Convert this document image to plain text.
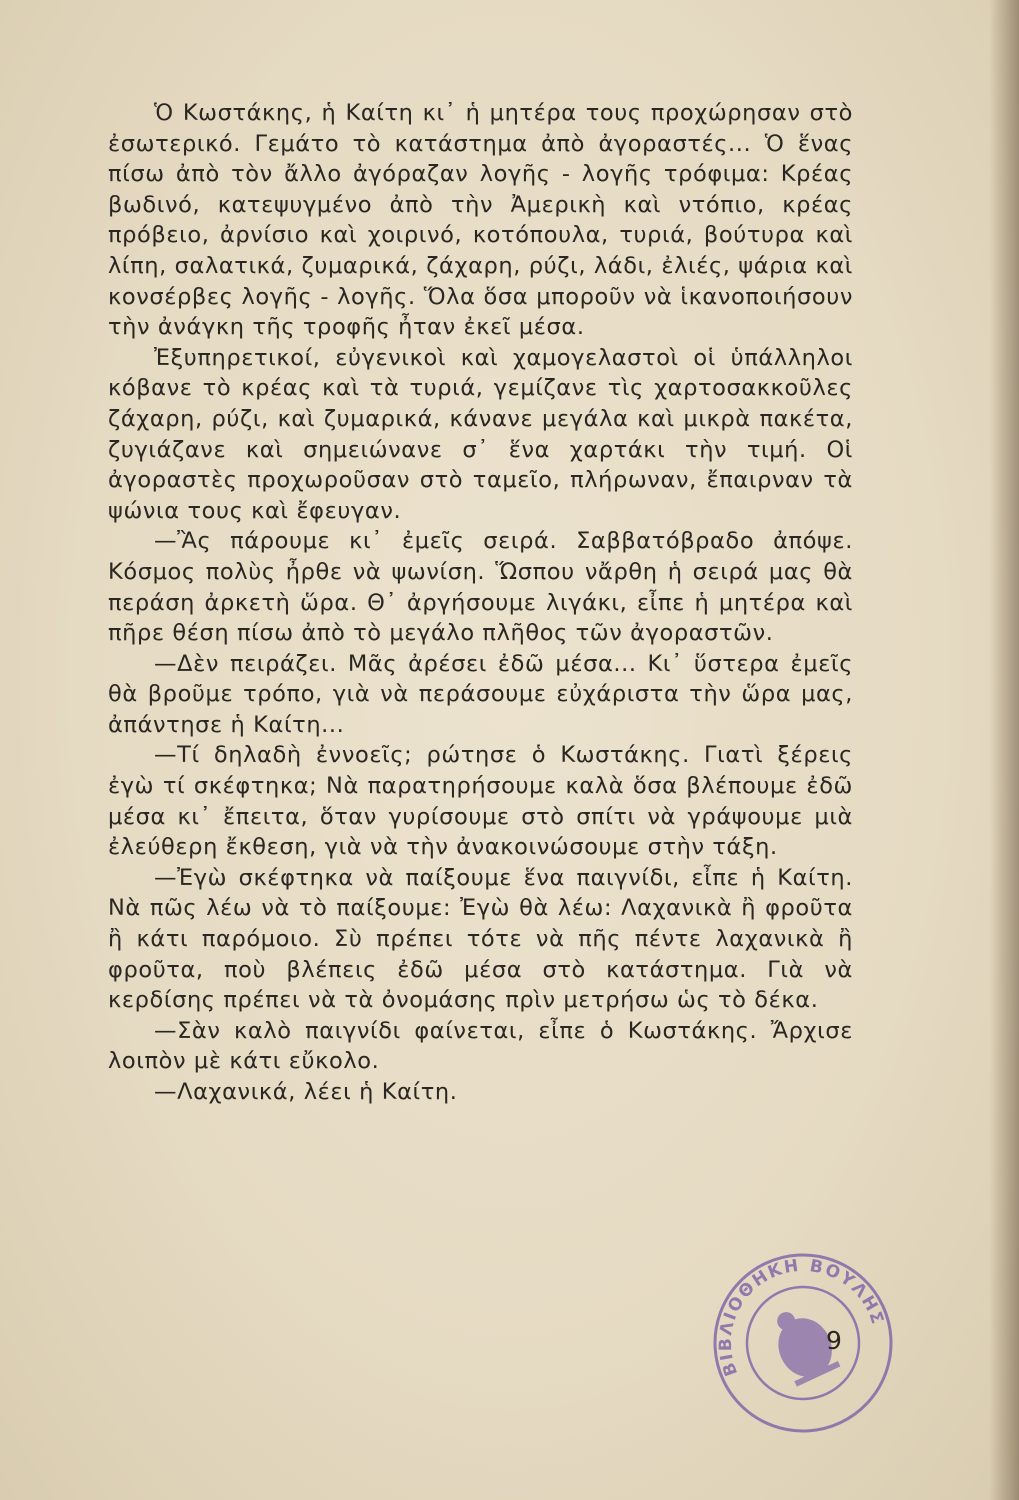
Ὁ Κωστάκης, ἡ Καίτη κι᾽ ἡ μητέρα τους προχώρησαν στὸ ἐσωτερικό. Γεμάτο τὸ κατάστημα ἀπὸ ἀγοραστές... Ὁ ἕνας πίσω ἀπὸ τὸν ἄλλο ἀγόραζαν λογῆς - λογῆς τρόφιμα: Κρέας βωδινό, κατεψυγμένο ἀπὸ τὴν Ἀμερικὴ καὶ ντόπιο, κρέας πρόβειο, ἀρνίσιο καὶ χοιρινό, κοτόπουλα, τυριά, βούτυρα καὶ λίπη, σαλατικά, ζυμαρικά, ζάχαρη, ρύζι, λάδι, ἐλιές, ψάρια καὶ κονσέρβες λογῆς - λογῆς. Ὅλα ὅσα μποροῦν νὰ ἱκανοποιήσουν τὴν ἀνάγκη τῆς τροφῆς ἦταν ἐκεῖ μέσα.

Ἐξυπηρετικοί, εὐγενικοὶ καὶ χαμογελαστοὶ οἱ ὑπάλληλοι κόβανε τὸ κρέας καὶ τὰ τυριά, γεμίζανε τὶς χαρτοσακκοῦλες ζάχαρη, ρύζι, καὶ ζυμαρικά, κάνανε μεγάλα καὶ μικρὰ πακέτα, ζυγιάζανε καὶ σημειώνανε σ᾽ ἕνα χαρτάκι τὴν τιμή. Οἱ ἀγοραστὲς προχωροῦσαν στὸ ταμεῖο, πλήρωναν, ἔπαιρναν τὰ ψώνια τους καὶ ἔφευγαν.

—Ἂς πάρουμε κι᾽ ἐμεῖς σειρά. Σαββατόβραδο ἀπόψε. Κόσμος πολὺς ἦρθε νὰ ψωνίση. Ὥσπου νἄρθη ἡ σειρά μας θὰ περάση ἀρκετὴ ὥρα. Θ᾽ ἀργήσουμε λιγάκι, εἶπε ἡ μητέρα καὶ πῆρε θέση πίσω ἀπὸ τὸ μεγάλο πλῆθος τῶν ἀγοραστῶν.

—Δὲν πειράζει. Μᾶς ἀρέσει ἐδῶ μέσα... Κι᾽ ὕστερα ἐμεῖς θὰ βροῦμε τρόπο, γιὰ νὰ περάσουμε εὐχάριστα τὴν ὥρα μας, ἀπάντησε ἡ Καίτη...

—Τί δηλαδὴ ἐννοεῖς; ρώτησε ὁ Κωστάκης. Γιατὶ ξέρεις ἐγὼ τί σκέφτηκα; Νὰ παρατηρήσουμε καλὰ ὅσα βλέπουμε ἐδῶ μέσα κι᾽ ἔπειτα, ὅταν γυρίσουμε στὸ σπίτι νὰ γράψουμε μιὰ ἐλεύθερη ἔκθεση, γιὰ νὰ τὴν ἀνακοινώσουμε στὴν τάξη.

—Ἐγὼ σκέφτηκα νὰ παίξουμε ἕνα παιγνίδι, εἶπε ἡ Καίτη. Νὰ πῶς λέω νὰ τὸ παίξουμε: Ἐγὼ θὰ λέω: Λαχανικὰ ἢ φροῦτα ἢ κάτι παρόμοιο. Σὺ πρέπει τότε νὰ πῆς πέντε λαχανικὰ ἢ φροῦτα, ποὺ βλέπεις ἐδῶ μέσα στὸ κατάστημα. Γιὰ νὰ κερδίσης πρέπει νὰ τὰ ὀνομάσης πρὶν μετρήσω ὡς τὸ δέκα.

—Σὰν καλὸ παιγνίδι φαίνεται, εἶπε ὁ Κωστάκης. Ἄρχισε λοιπὸν μὲ κάτι εὔκολο.

—Λαχανικά, λέει ἡ Καίτη.

ΒΙΒΛΙΟΘΗΚΗ ΒΟΥΛΗΣ
9
